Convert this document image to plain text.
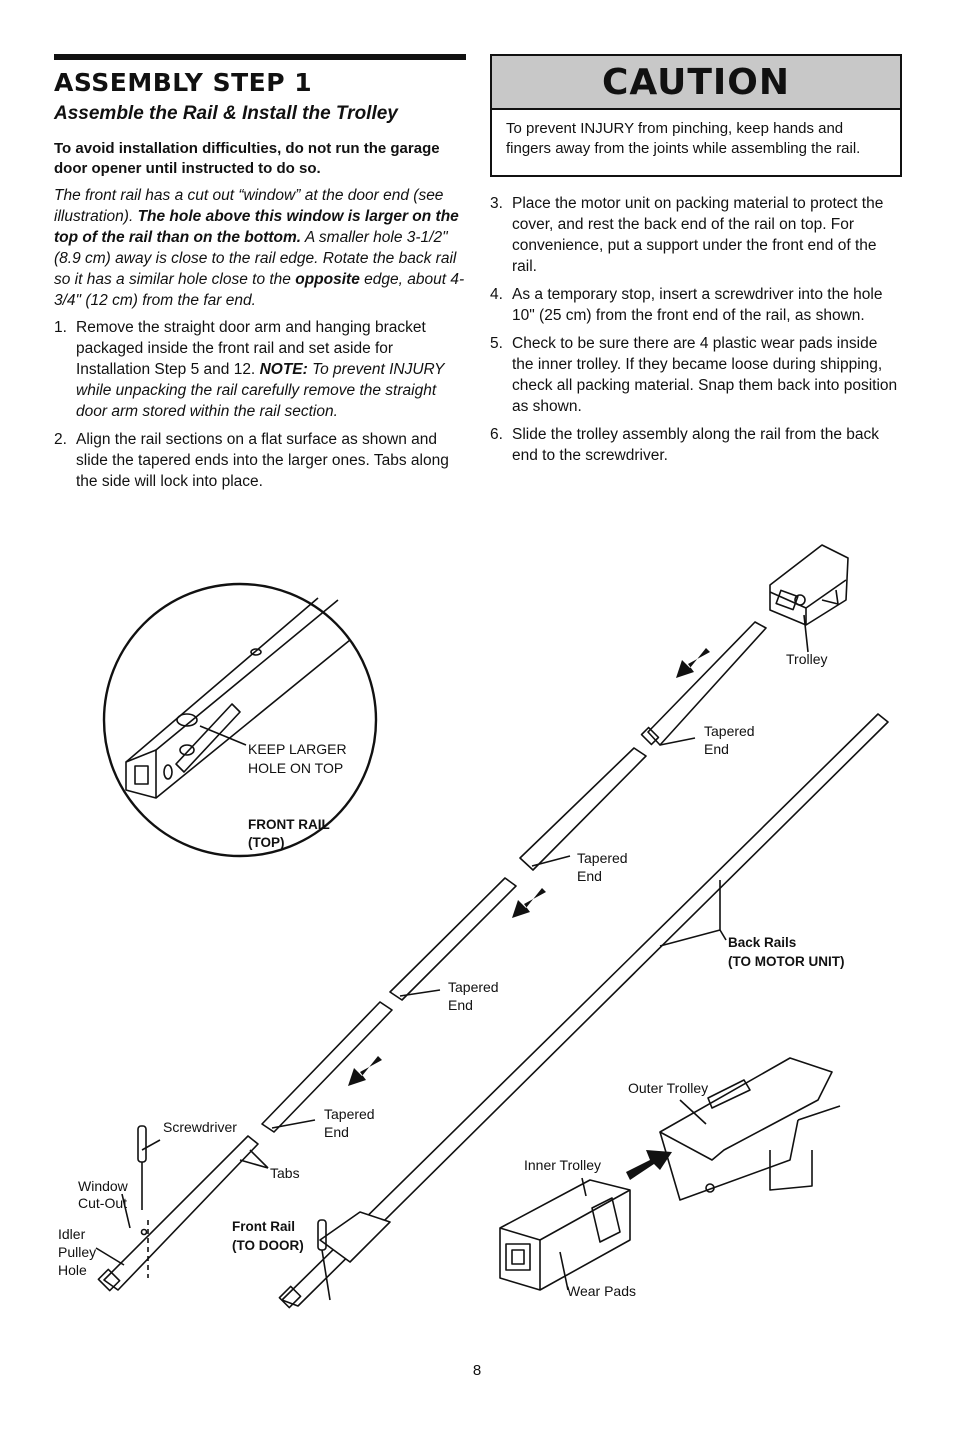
ASSEMBLY STEP 1
Assemble the Rail & Install the Trolley

To avoid installation difficulties, do not run the garage door opener until instructed to do so.

The front rail has a cut out “window” at the door end (see illustration). The hole above this window is larger on the top of the rail than on the bottom. A smaller hole 3-1/2" (8.9 cm) away is close to the rail edge. Rotate the back rail so it has a similar hole close to the opposite edge, about 4-3/4" (12 cm) from the far end.

1. Remove the straight door arm and hanging bracket packaged inside the front rail and set aside for Installation Step 5 and 12. NOTE: To prevent INJURY while unpacking the rail carefully remove the straight door arm stored within the rail section.
2. Align the rail sections on a flat surface as shown and slide the tapered ends into the larger ones. Tabs along the side will lock into place.
CAUTION
To prevent INJURY from pinching, keep hands and fingers away from the joints while assembling the rail.
3. Place the motor unit on packing material to protect the cover, and rest the back end of the rail on top. For convenience, put a support under the front end of the rail.
4. As a temporary stop, insert a screwdriver into the hole 10" (25 cm) from the front end of the rail, as shown.
5. Check to be sure there are 4 plastic wear pads inside the inner trolley. If they became loose during shipping, check all packing material. Snap them back into position as shown.
6. Slide the trolley assembly along the rail from the back end to the screwdriver.
KEEP LARGER
HOLE ON TOP
FRONT RAIL
(TOP)
Trolley
Tapered
End
Tapered
End
Back Rails
(TO MOTOR UNIT)
Tapered
End
Outer Trolley
Tapered
End
Screwdriver
Tabs	Inner Trolley
Window
Cut-Out
Front Rail
(TO DOOR)
Idler
Pulley
Hole
Wear Pads
8
